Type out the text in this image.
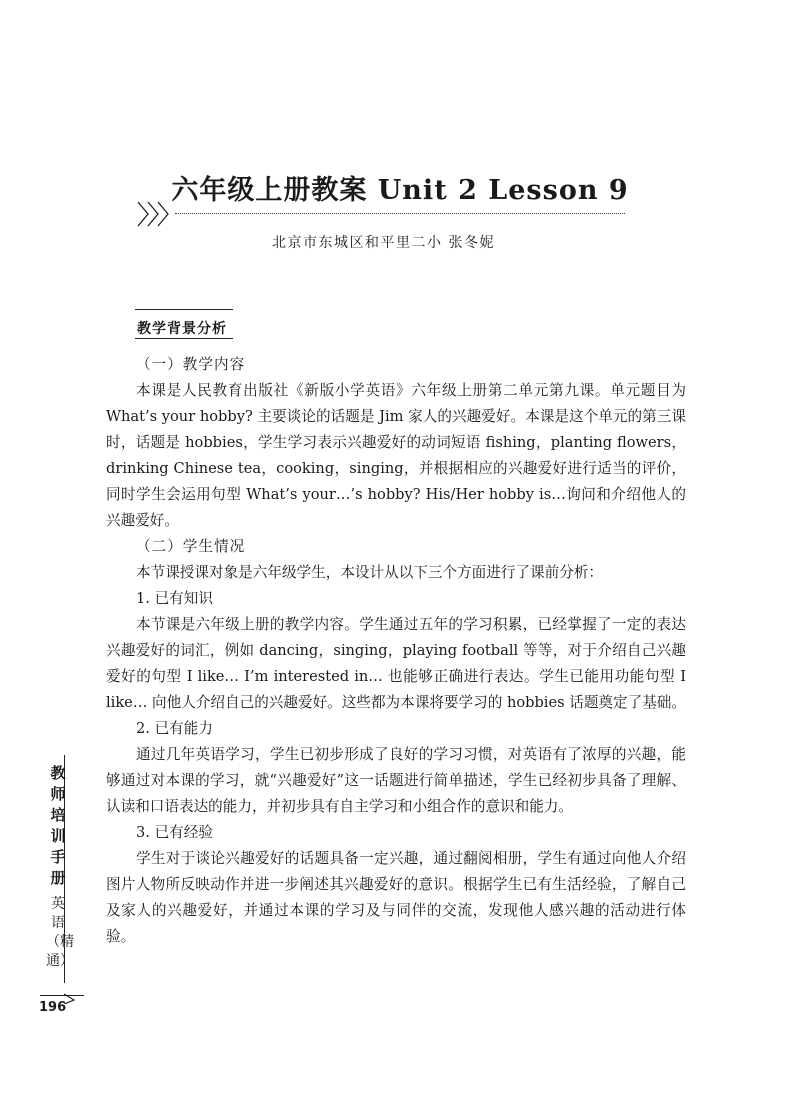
六年级上册教案 Unit 2 Lesson 9
北京市东城区和平里二小 张冬妮
教学背景分析

（一）教学内容

本课是人民教育出版社《新版小学英语》六年级上册第二单元第九课。单元题目为 What’s your hobby? 主要谈论的话题是 Jim 家人的兴趣爱好。本课是这个单元的第三课时，话题是 hobbies，学生学习表示兴趣爱好的动词短语 fishing，planting flowers，drinking Chinese tea，cooking，singing，并根据相应的兴趣爱好进行适当的评价，同时学生会运用句型 What’s your…’s hobby? His/Her hobby is…询问和介绍他人的兴趣爱好。

（二）学生情况

本节课授课对象是六年级学生，本设计从以下三个方面进行了课前分析：

1. 已有知识

本节课是六年级上册的教学内容。学生通过五年的学习积累，已经掌握了一定的表达兴趣爱好的词汇，例如 dancing，singing，playing football 等等，对于介绍自己兴趣爱好的句型 I like… I’m interested in… 也能够正确进行表达。学生已能用功能句型 I like… 向他人介绍自己的兴趣爱好。这些都为本课将要学习的 hobbies 话题奠定了基础。

2. 已有能力

通过几年英语学习，学生已初步形成了良好的学习习惯，对英语有了浓厚的兴趣，能够通过对本课的学习，就“兴趣爱好”这一话题进行简单描述，学生已经初步具备了理解、认读和口语表达的能力，并初步具有自主学习和小组合作的意识和能力。

3. 已有经验

学生对于谈论兴趣爱好的话题具备一定兴趣，通过翻阅相册，学生有通过向他人介绍图片人物所反映动作并进一步阐述其兴趣爱好的意识。根据学生已有生活经验，了解自己及家人的兴趣爱好，并通过本课的学习及与同伴的交流，发现他人感兴趣的活动进行体验。

教师培训手册
英语（精通）
196
